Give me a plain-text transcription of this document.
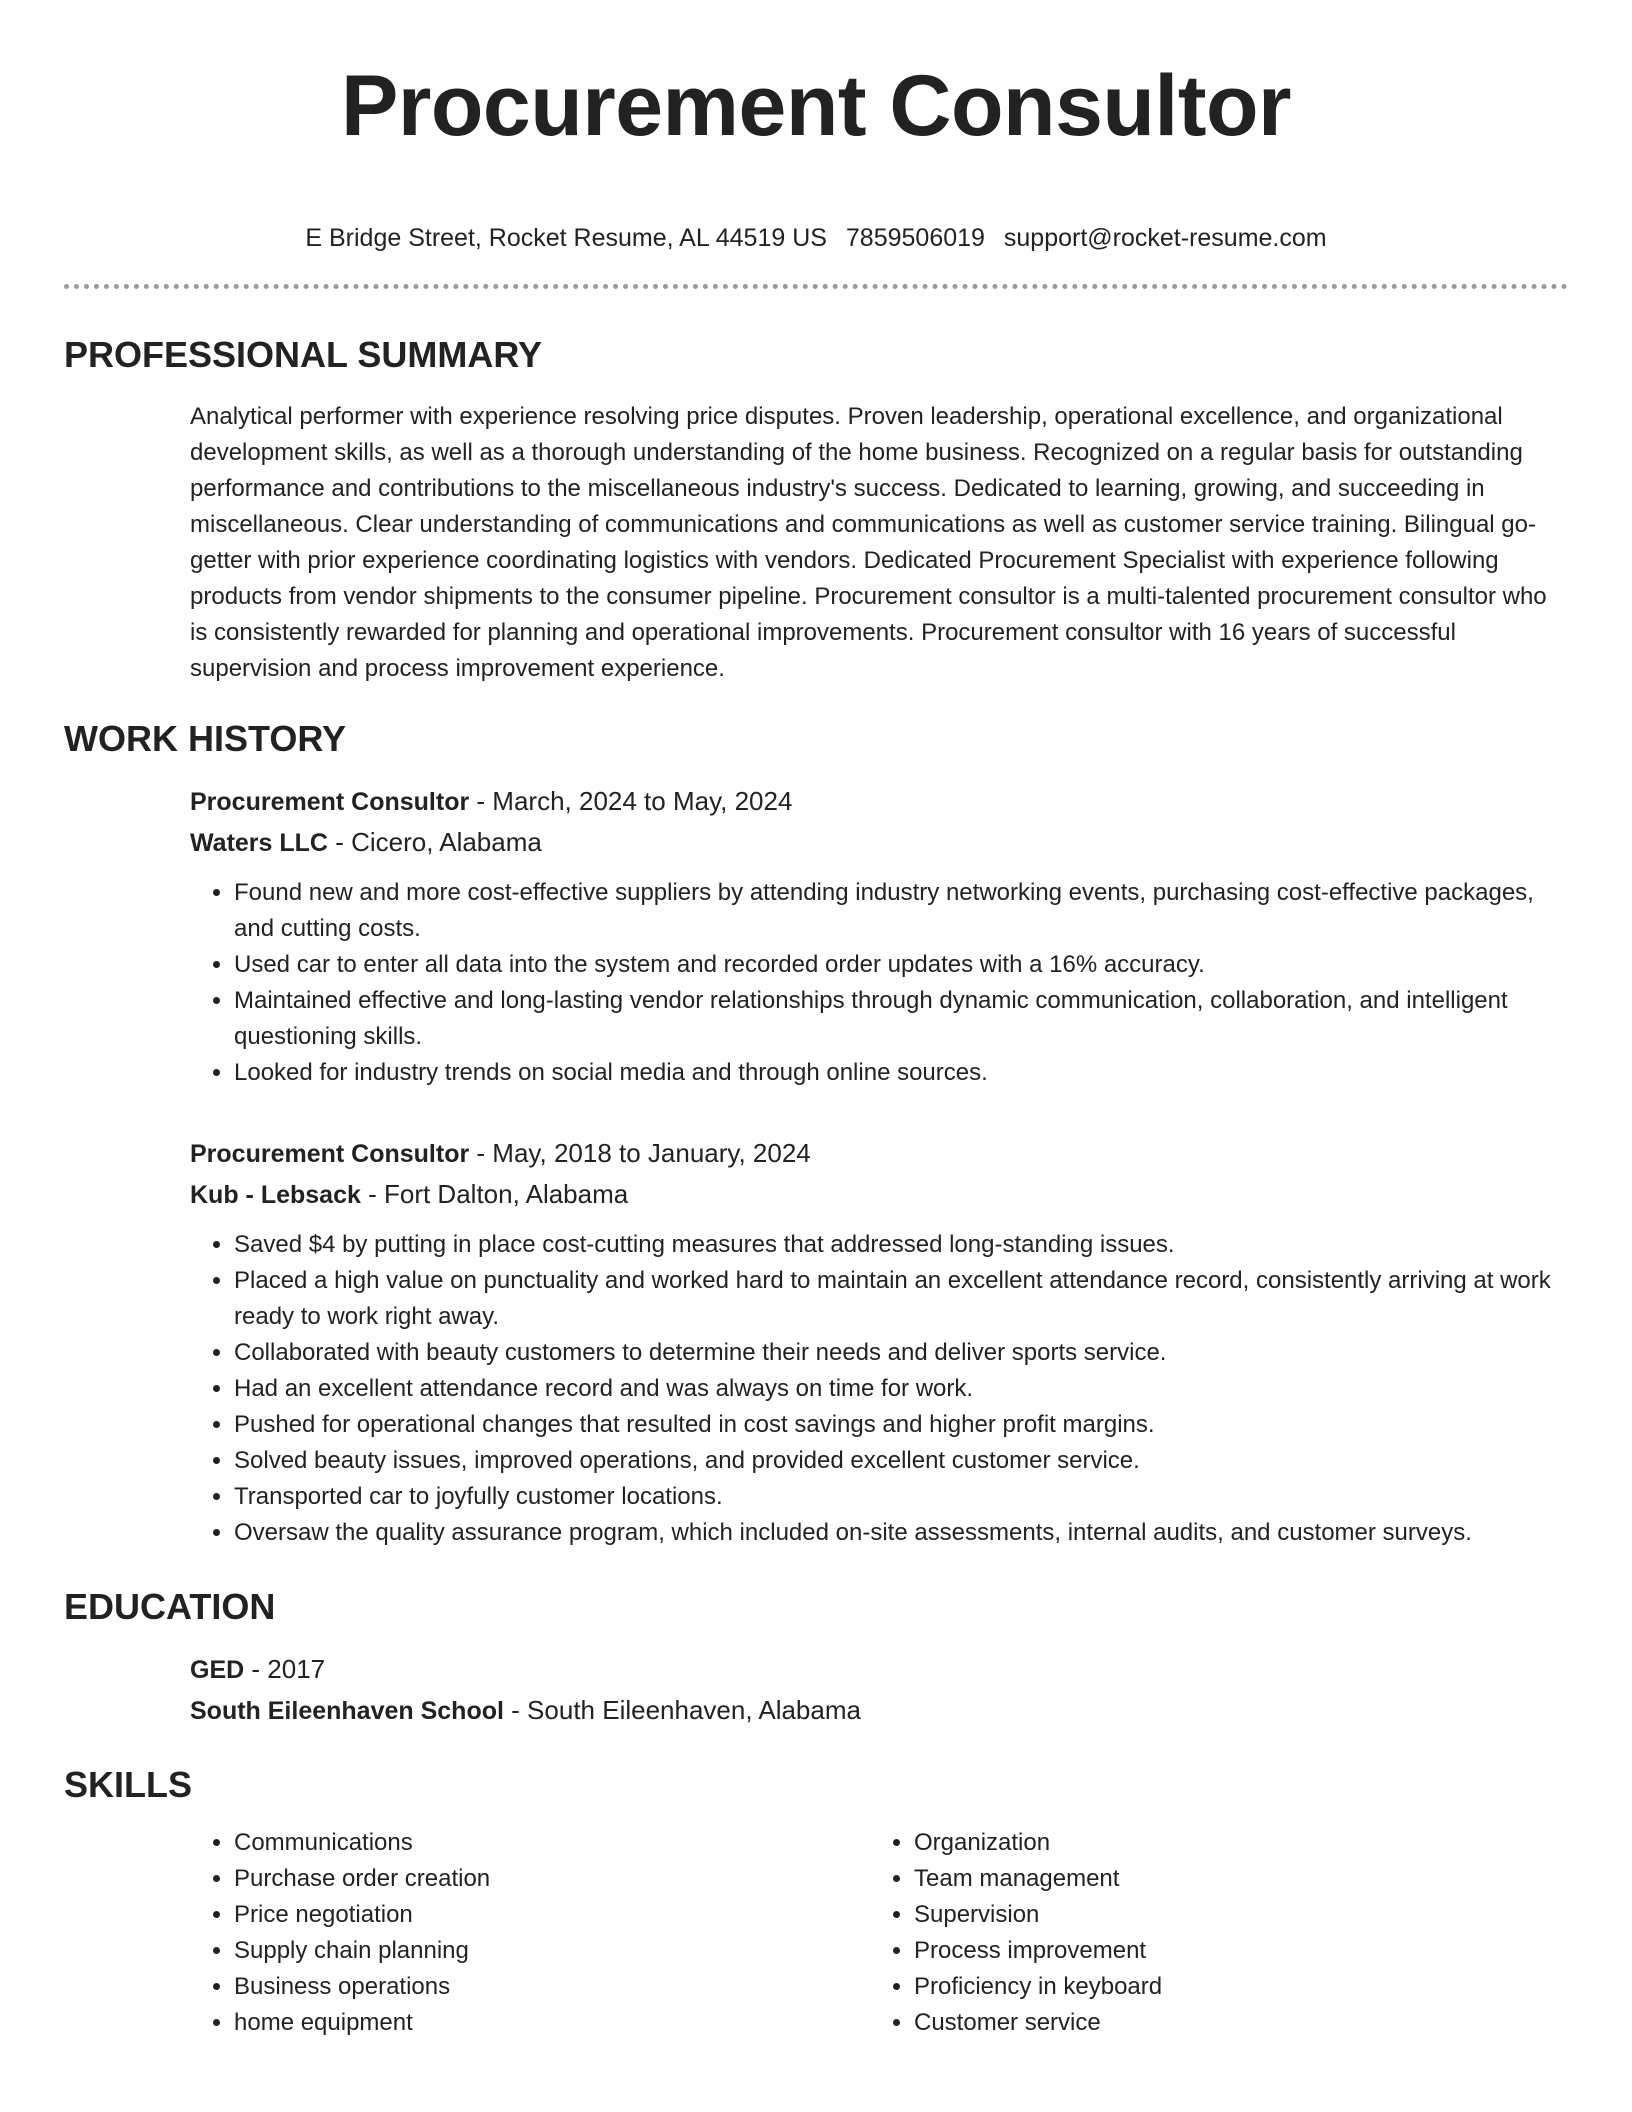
Procurement Consultor
E Bridge Street, Rocket Resume, AL 44519 US 7859506019 support@rocket-resume.com
PROFESSIONAL SUMMARY
Analytical performer with experience resolving price disputes. Proven leadership, operational excellence, and organizational development skills, as well as a thorough understanding of the home business. Recognized on a regular basis for outstanding performance and contributions to the miscellaneous industry's success. Dedicated to learning, growing, and succeeding in miscellaneous. Clear understanding of communications and communications as well as customer service training. Bilingual go-getter with prior experience coordinating logistics with vendors. Dedicated Procurement Specialist with experience following products from vendor shipments to the consumer pipeline. Procurement consultor is a multi-talented procurement consultor who is consistently rewarded for planning and operational improvements. Procurement consultor with 16 years of successful supervision and process improvement experience.
WORK HISTORY
Procurement Consultor - March, 2024 to May, 2024
Waters LLC - Cicero, Alabama
• Found new and more cost-effective suppliers by attending industry networking events, purchasing cost-effective packages, and cutting costs.
• Used car to enter all data into the system and recorded order updates with a 16% accuracy.
• Maintained effective and long-lasting vendor relationships through dynamic communication, collaboration, and intelligent questioning skills.
• Looked for industry trends on social media and through online sources.
Procurement Consultor - May, 2018 to January, 2024
Kub - Lebsack - Fort Dalton, Alabama
• Saved $4 by putting in place cost-cutting measures that addressed long-standing issues.
• Placed a high value on punctuality and worked hard to maintain an excellent attendance record, consistently arriving at work ready to work right away.
• Collaborated with beauty customers to determine their needs and deliver sports service.
• Had an excellent attendance record and was always on time for work.
• Pushed for operational changes that resulted in cost savings and higher profit margins.
• Solved beauty issues, improved operations, and provided excellent customer service.
• Transported car to joyfully customer locations.
• Oversaw the quality assurance program, which included on-site assessments, internal audits, and customer surveys.
EDUCATION
GED - 2017
South Eileenhaven School - South Eileenhaven, Alabama
SKILLS
• Communications
• Purchase order creation
• Price negotiation
• Supply chain planning
• Business operations
• home equipment
• Organization
• Team management
• Supervision
• Process improvement
• Proficiency in keyboard
• Customer service
